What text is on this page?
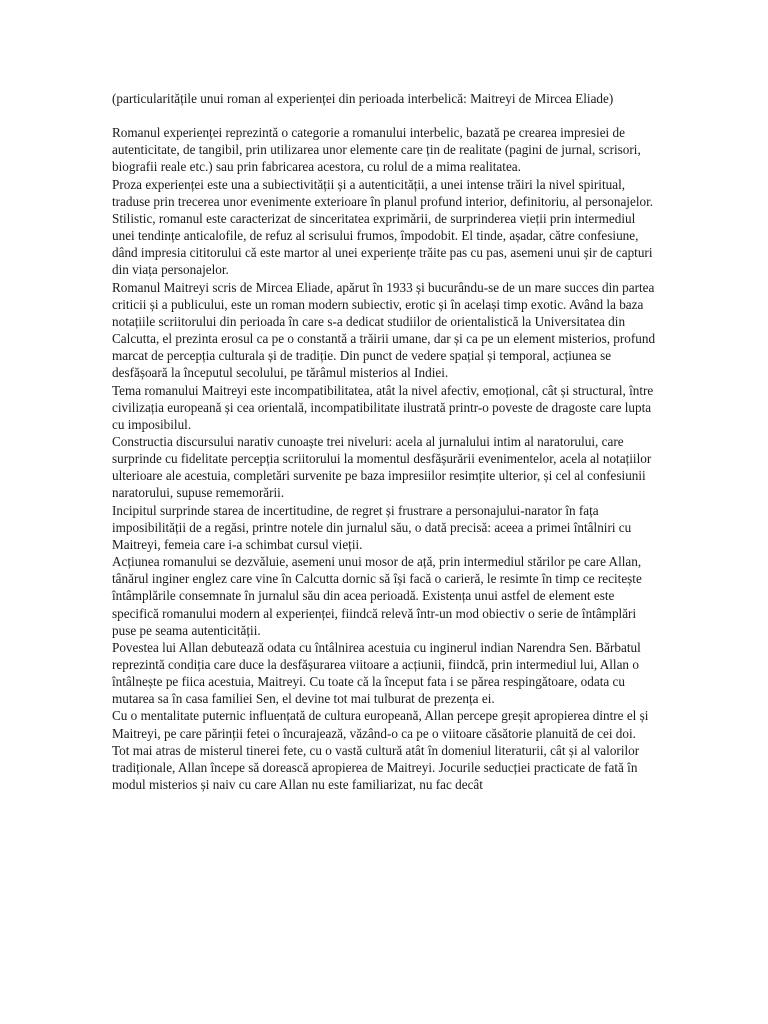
(particularitățile unui roman al experienței din perioada interbelică: Maitreyi de Mircea Eliade)

Romanul experienței reprezintă o categorie a romanului interbelic, bazată pe crearea impresiei de autenticitate, de tangibil, prin utilizarea unor elemente care țin de realitate (pagini de jurnal, scrisori, biografii reale etc.) sau prin fabricarea acestora, cu rolul de a mima realitatea.

Proza experienței este una a subiectivității și a autenticității, a unei intense trăiri la nivel spiritual, traduse prin trecerea unor evenimente exterioare în planul profund interior, definitoriu, al personajelor. Stilistic, romanul este caracterizat de sinceritatea exprimării, de surprinderea vieții prin intermediul unei tendințe anticalofile, de refuz al scrisului frumos, împodobit. El tinde, așadar, către confesiune, dând impresia cititorului că este martor al unei experiențe trăite pas cu pas, asemeni unui șir de capturi din viața personajelor.

Romanul Maitreyi scris de Mircea Eliade, apărut în 1933 și bucurându-se de un mare succes din partea criticii și a publicului, este un roman modern subiectiv, erotic și în același timp exotic. Având la baza notațiile scriitorului din perioada în care s-a dedicat studiilor de orientalistică la Universitatea din Calcutta, el prezinta erosul ca pe o constantă a trăirii umane, dar și ca pe un element misterios, profund marcat de percepția culturala și de tradiție. Din punct de vedere spațial și temporal, acțiunea se desfășoară la începutul secolului, pe tărâmul misterios al Indiei.

Tema romanului Maitreyi este incompatibilitatea, atât la nivel afectiv, emoțional, cât și structural, între civilizația europeană și cea orientală, incompatibilitate ilustrată printr-o poveste de dragoste care lupta cu imposibilul.

Constructia discursului narativ cunoaște trei niveluri: acela al jurnalului intim al naratorului, care surprinde cu fidelitate percepția scriitorului la momentul desfășurării evenimentelor, acela al notațiilor ulterioare ale acestuia, completări survenite pe baza impresiilor resimțite ulterior, și cel al confesiunii naratorului, supuse rememorării.

Incipitul surprinde starea de incertitudine, de regret și frustrare a personajului-narator în fața imposibilității de a regăsi, printre notele din jurnalul său, o dată precisă: aceea a primei întâlniri cu Maitreyi, femeia care i-a schimbat cursul vieții.

Acțiunea romanului se dezvăluie, asemeni unui mosor de ață, prin intermediul stărilor pe care Allan, tânărul inginer englez care vine în Calcutta dornic să își facă o carieră, le resimte în timp ce recitește întâmplările consemnate în jurnalul său din acea perioadă. Existența unui astfel de element este specifică romanului modern al experienței, fiindcă relevă într-un mod obiectiv o serie de întâmplări puse pe seama autenticității.

Povestea lui Allan debutează odata cu întâlnirea acestuia cu inginerul indian Narendra Sen. Bărbatul reprezintă condiția care duce la desfășurarea viitoare a acțiunii, fiindcă, prin intermediul lui, Allan o întâlnește pe fiica acestuia, Maitreyi. Cu toate că la început fata i se părea respingătoare, odata cu mutarea sa în casa familiei Sen, el devine tot mai tulburat de prezența ei.

Cu o mentalitate puternic influențată de cultura europeană, Allan percepe greșit apropierea dintre el și Maitreyi, pe care părinții fetei o încurajează, văzând-o ca pe o viitoare căsătorie planuită de cei doi.

Tot mai atras de misterul tinerei fete, cu o vastă cultură atât în domeniul literaturii, cât și al valorilor tradiționale, Allan începe să dorească apropierea de Maitreyi. Jocurile seducției practicate de fată în modul misterios și naiv cu care Allan nu este familiarizat, nu fac decât
